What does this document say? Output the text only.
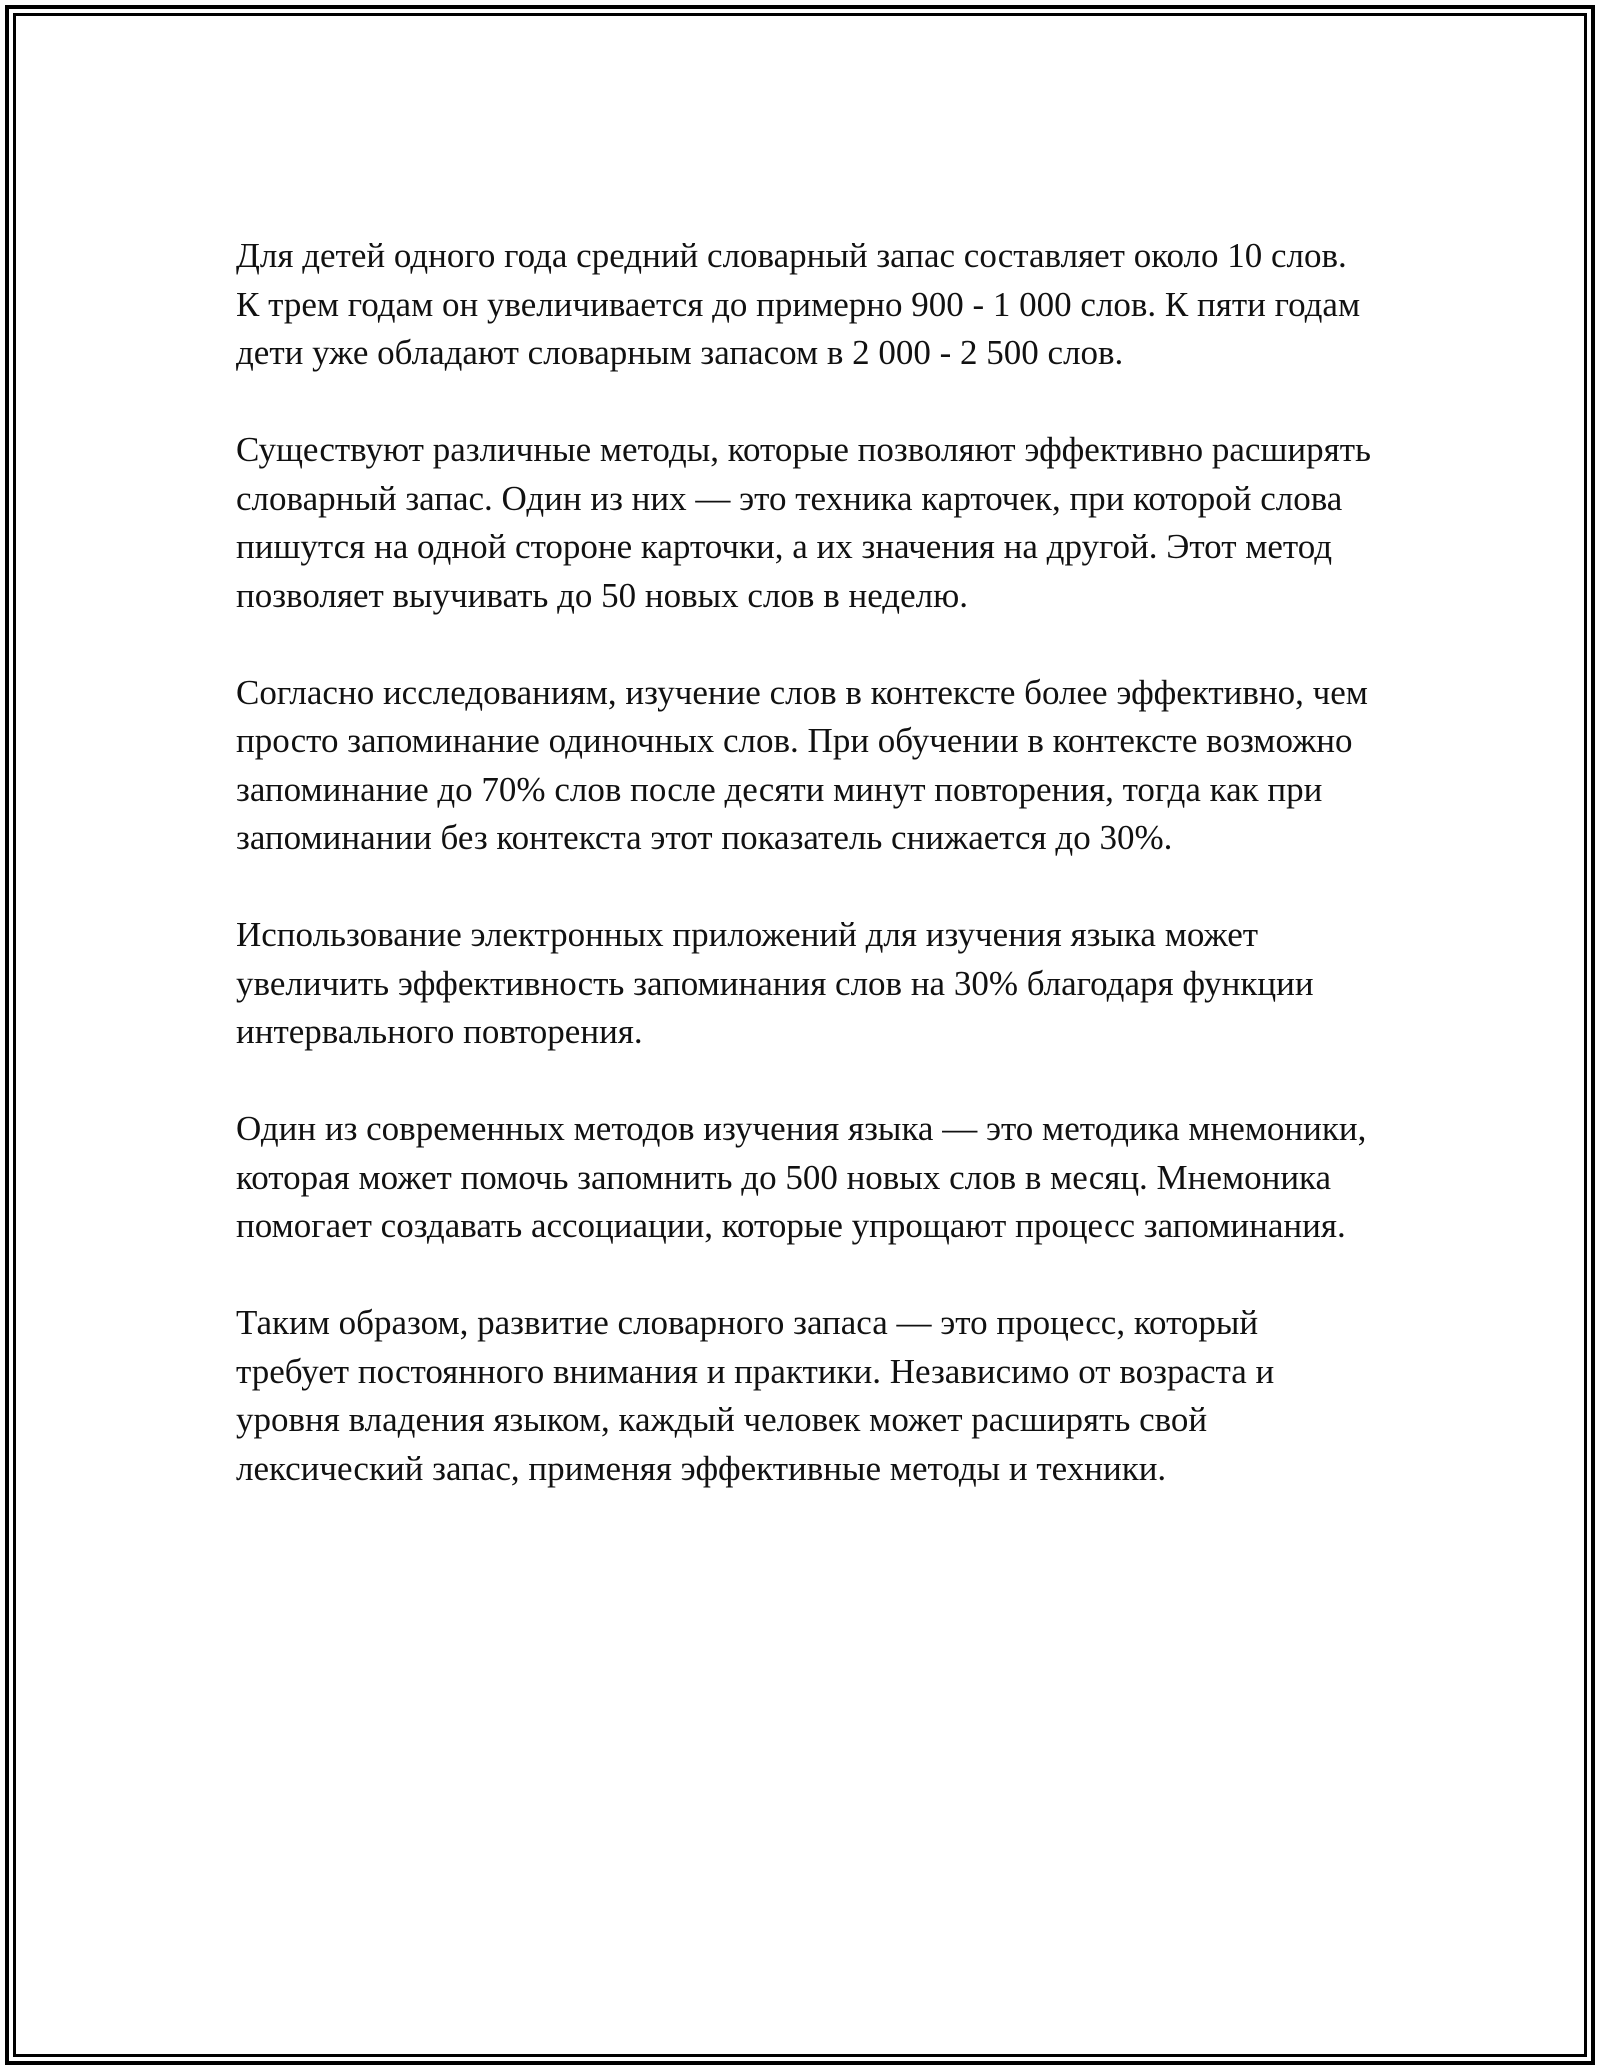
Для детей одного года средний словарный запас составляет около 10 слов. К трем годам он увеличивается до примерно 900 - 1 000 слов. К пяти годам дети уже обладают словарным запасом в 2 000 - 2 500 слов.

Существуют различные методы, которые позволяют эффективно расширять словарный запас. Один из них — это техника карточек, при которой слова пишутся на одной стороне карточки, а их значения на другой. Этот метод позволяет выучивать до 50 новых слов в неделю.

Согласно исследованиям, изучение слов в контексте более эффективно, чем просто запоминание одиночных слов. При обучении в контексте возможно запоминание до 70% слов после десяти минут повторения, тогда как при запоминании без контекста этот показатель снижается до 30%.

Использование электронных приложений для изучения языка может увеличить эффективность запоминания слов на 30% благодаря функции интервального повторения.

Один из современных методов изучения языка — это методика мнемоники, которая может помочь запомнить до 500 новых слов в месяц. Мнемоника помогает создавать ассоциации, которые упрощают процесс запоминания.

Таким образом, развитие словарного запаса — это процесс, который требует постоянного внимания и практики. Независимо от возраста и уровня владения языком, каждый человек может расширять свой лексический запас, применяя эффективные методы и техники.
